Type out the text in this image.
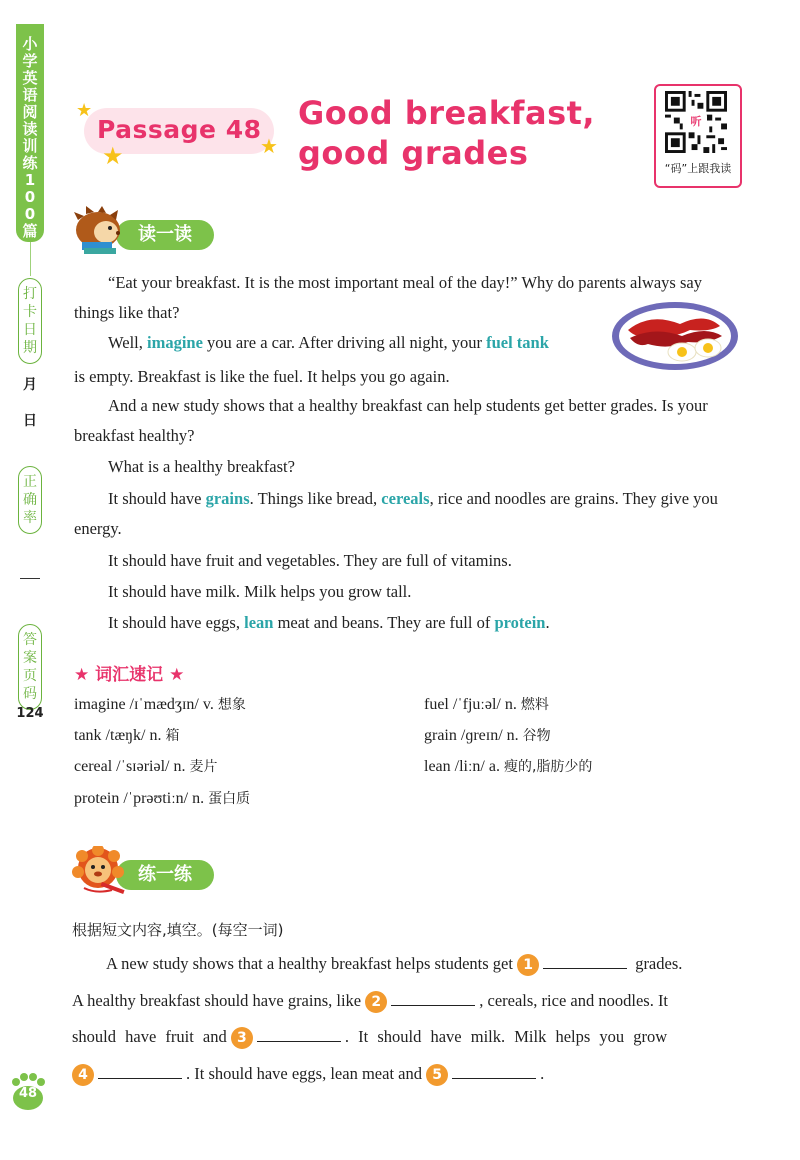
小学英语阅读训练100篇
打卡日期
月
日
正确率
答案页码
124
Passage 48
★
★	★
Good breakfast,
good grades
听
“码”上跟我读
读一读
“Eat your breakfast. It is the most important meal of the day!” Why do parents always say things like that?
Well, imagine you are a car. After driving all night, your fuel tank
is empty. Breakfast is like the fuel. It helps you go again.
And a new study shows that a healthy breakfast can help students get better grades. Is your breakfast healthy?
What is a healthy breakfast?
It should have grains. Things like bread, cereals, rice and noodles are grains. They give you energy.
It should have fruit and vegetables. They are full of vitamins.
It should have milk. Milk helps you grow tall.
It should have eggs, lean meat and beans. They are full of protein.
★ 词汇速记 ★
imagine /ɪˈmædʒɪn/ v. 想象	fuel /ˈfjuːəl/ n. 燃料
tank /tæŋk/ n. 箱	grain /ɡreɪn/ n. 谷物
cereal /ˈsɪəriəl/ n. 麦片	lean /liːn/ a. 瘦的,脂肪少的
protein /ˈprəʊtiːn/ n. 蛋白质
练一练
根据短文内容,填空。(每空一词)
A new study shows that a healthy breakfast helps students get 1	grades.
A healthy breakfast should have grains, like 2	, cereals, rice and noodles. It
should have fruit and 3	. It should have milk. Milk helps you grow
4	. It should have eggs, lean meat and 5	.
48
